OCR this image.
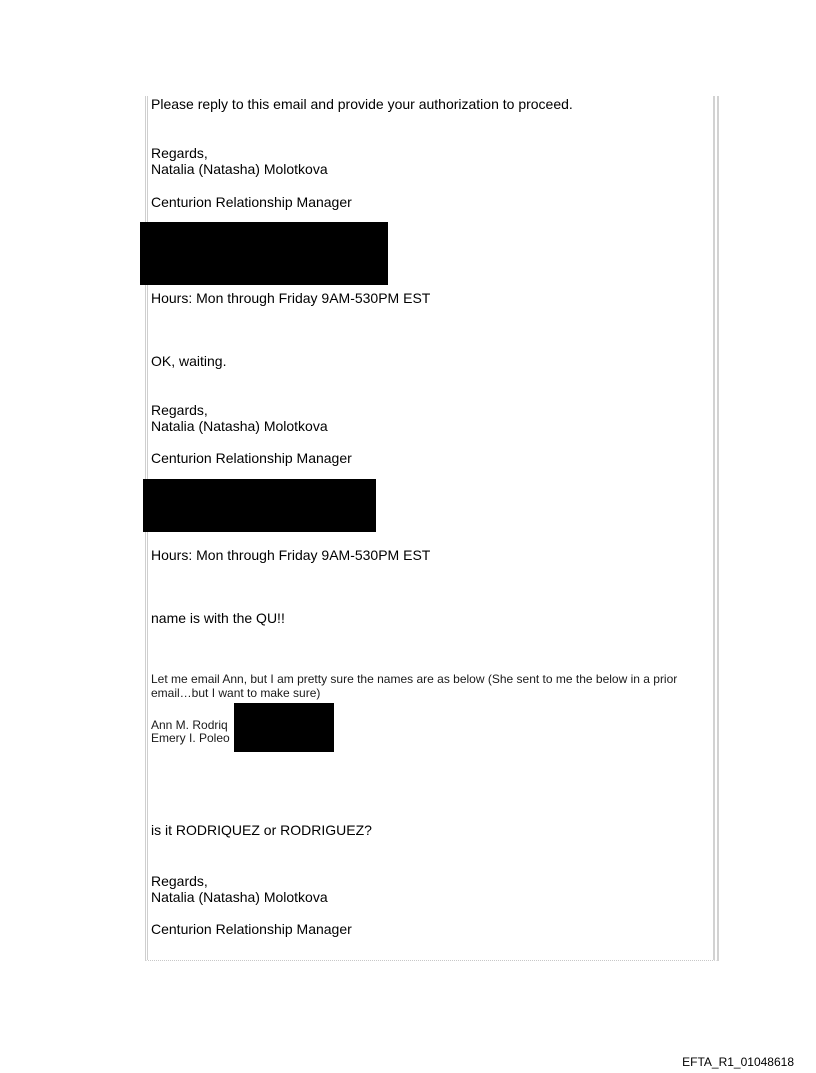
Please reply to this email and provide your authorization to proceed.
Regards,
Natalia (Natasha) Molotkova
Centurion Relationship Manager
Hours: Mon through Friday 9AM-530PM EST
OK, waiting.
Regards,
Natalia (Natasha) Molotkova
Centurion Relationship Manager
Hours: Mon through Friday 9AM-530PM EST
name is with the QU!!
Let me email Ann, but I am pretty sure the names are as below (She sent to me the below in a prior
email…but I want to make sure)
Ann M. Rodriq
Emery I. Poleo
is it RODRIQUEZ or RODRIGUEZ?
Regards,
Natalia (Natasha) Molotkova
Centurion Relationship Manager
EFTA_R1_01048618
